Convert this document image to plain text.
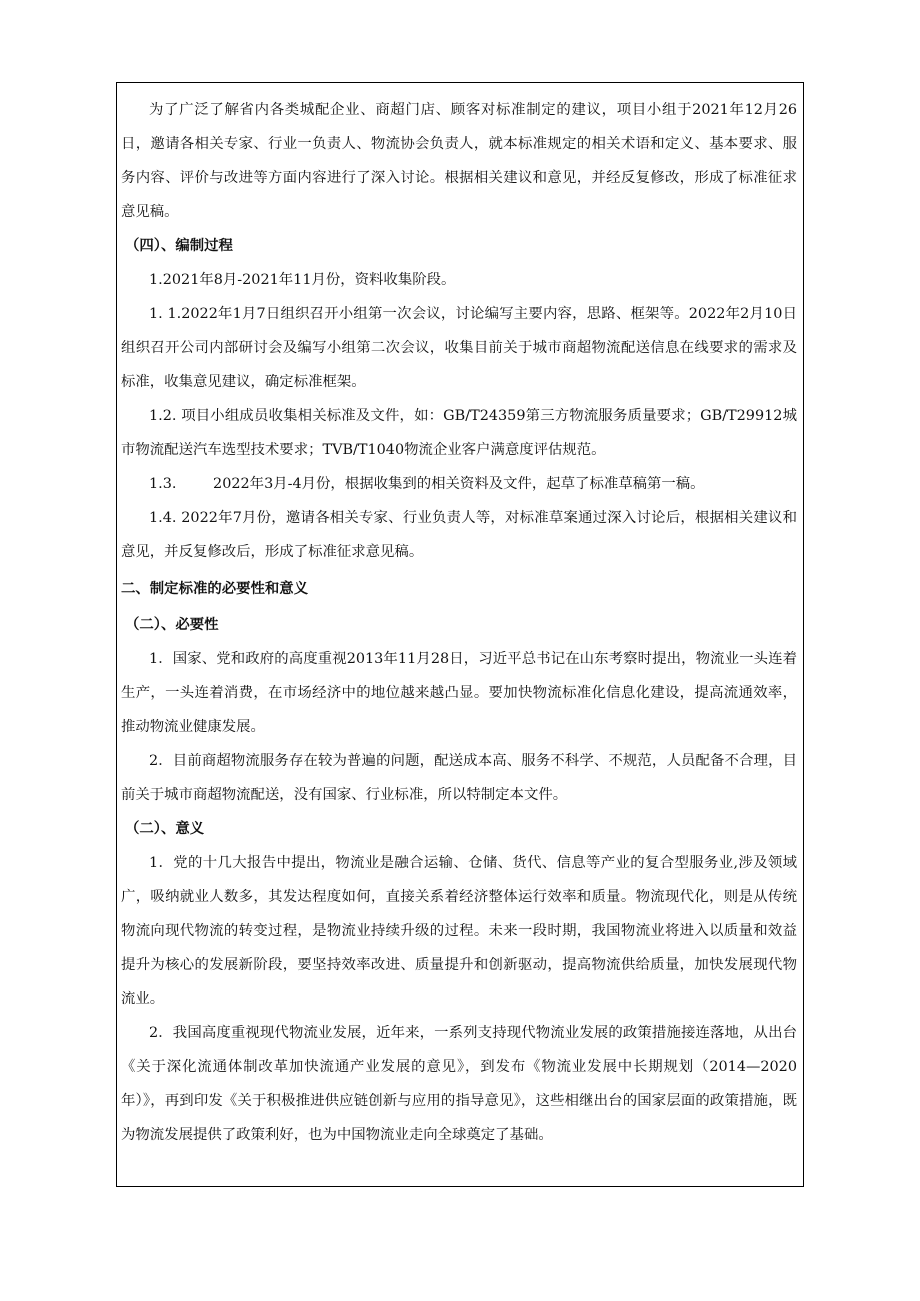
为了广泛了解省内各类城配企业、商超门店、顾客对标准制定的建议，项目小组于2021年12月26日，邀请各相关专家、行业一负责人、物流协会负责人，就本标准规定的相关术语和定义、基本要求、服务内容、评价与改进等方面内容进行了深入讨论。根据相关建议和意见，并经反复修改，形成了标准征求意见稿。

（四）、编制过程

1.2021年8月-2021年11月份，资料收集阶段。

1. 1.2022年1月7日组织召开小组第一次会议，讨论编写主要内容，思路、框架等。2022年2月10日组织召开公司内部研讨会及编写小组第二次会议，收集目前关于城市商超物流配送信息在线要求的需求及标准，收集意见建议，确定标准框架。

1.2. 项目小组成员收集相关标准及文件，如：GB/T24359第三方物流服务质量要求；GB/T29912城市物流配送汽车选型技术要求；TVB/T1040物流企业客户满意度评估规范。

1.3.        2022年3月-4月份，根据收集到的相关资料及文件，起草了标准草稿第一稿。

1.4. 2022年7月份，邀请各相关专家、行业负责人等，对标准草案通过深入讨论后，根据相关建议和意见，并反复修改后，形成了标准征求意见稿。

二、制定标准的必要性和意义

（二）、必要性

1．国家、党和政府的高度重视2013年11月28日，习近平总书记在山东考察时提出，物流业一头连着生产，一头连着消费，在市场经济中的地位越来越凸显。要加快物流标准化信息化建设，提高流通效率，推动物流业健康发展。

2．目前商超物流服务存在较为普遍的问题，配送成本高、服务不科学、不规范，人员配备不合理，目前关于城市商超物流配送，没有国家、行业标准，所以特制定本文件。

（二）、意义

1．党的十几大报告中提出，物流业是融合运输、仓储、货代、信息等产业的复合型服务业,涉及领域广，吸纳就业人数多，其发达程度如何，直接关系着经济整体运行效率和质量。物流现代化，则是从传统物流向现代物流的转变过程，是物流业持续升级的过程。未来一段时期，我国物流业将进入以质量和效益提升为核心的发展新阶段，要坚持效率改进、质量提升和创新驱动，提高物流供给质量，加快发展现代物流业。

2．我国高度重视现代物流业发展，近年来，一系列支持现代物流业发展的政策措施接连落地，从出台《关于深化流通体制改革加快流通产业发展的意见》，到发布《物流业发展中长期规划（2014—2020年）》，再到印发《关于积极推进供应链创新与应用的指导意见》，这些相继出台的国家层面的政策措施，既为物流发展提供了政策利好，也为中国物流业走向全球奠定了基础。
